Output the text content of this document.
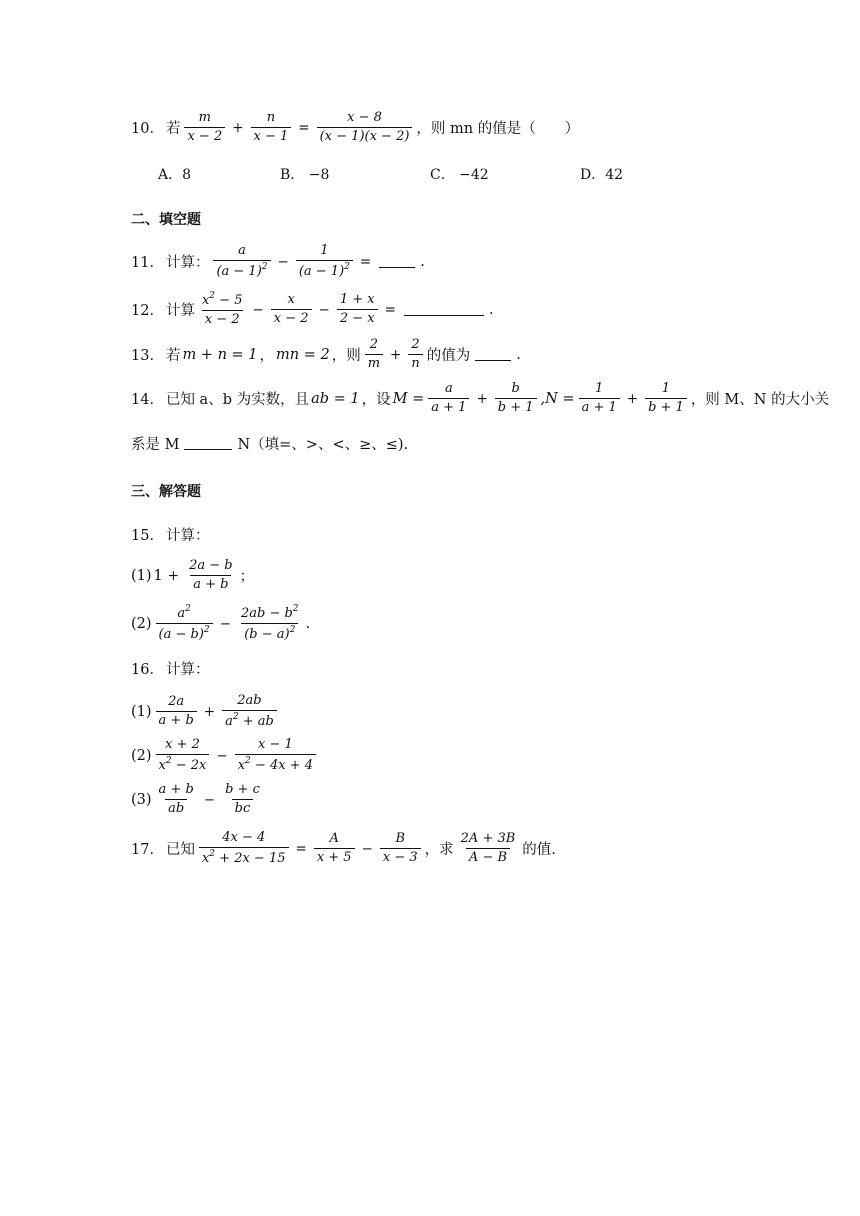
10． 若 $\frac{m}{x - 2} + \frac{n}{x - 1} = \frac{x - 8}{(x - 1)(x - 2)}$ ，则 mn 的值是（　　）
A．8	B． −8	C． −42	D．42
二、填空题
11． 计算： $\frac{a}{(a - 1)^2} - \frac{1}{(a - 1)^2}$ =	.
12． 计算 $\frac{x^2 - 5}{x - 2} - \frac{x}{x - 2} - \frac{1 + x}{2 - x}$ =	.
13． 若 m + n = 1 ， mn = 2 ，则 $\frac{2}{m} + \frac{2}{n}$ 的值为	.
14． 已知 a、b 为实数，且 ab = 1 ，设 $M = \frac{a}{a + 1} + \frac{b}{b + 1} ,N = \frac{1}{a + 1} + \frac{1}{b + 1}$ ，则 M、N 的大小关
系是 M	N（填=、>、<、≥、≤).
三、解答题
15． 计算：
(1) $1 + \frac{2a - b}{a + b}$ ；
$(2) \frac{a^2}{(a - b)^2} - \frac{2ab - b^2}{(b - a)^2}$ .
16． 计算：
$(1) \frac{2a}{a + b} + \frac{2ab}{a^2 + ab}$
$(2) \frac{x + 2}{x^2 - 2x} - \frac{x - 1}{x^2 - 4x + 4}$
$(3) \frac{a + b}{ab} - \frac{b + c}{bc}$
17． 已知 $\frac{4x - 4}{x^2 + 2x - 15} = \frac{A}{x + 5} - \frac{B}{x - 3}$ ，求 $\frac{2A + 3B}{A - B}$ 的值.
